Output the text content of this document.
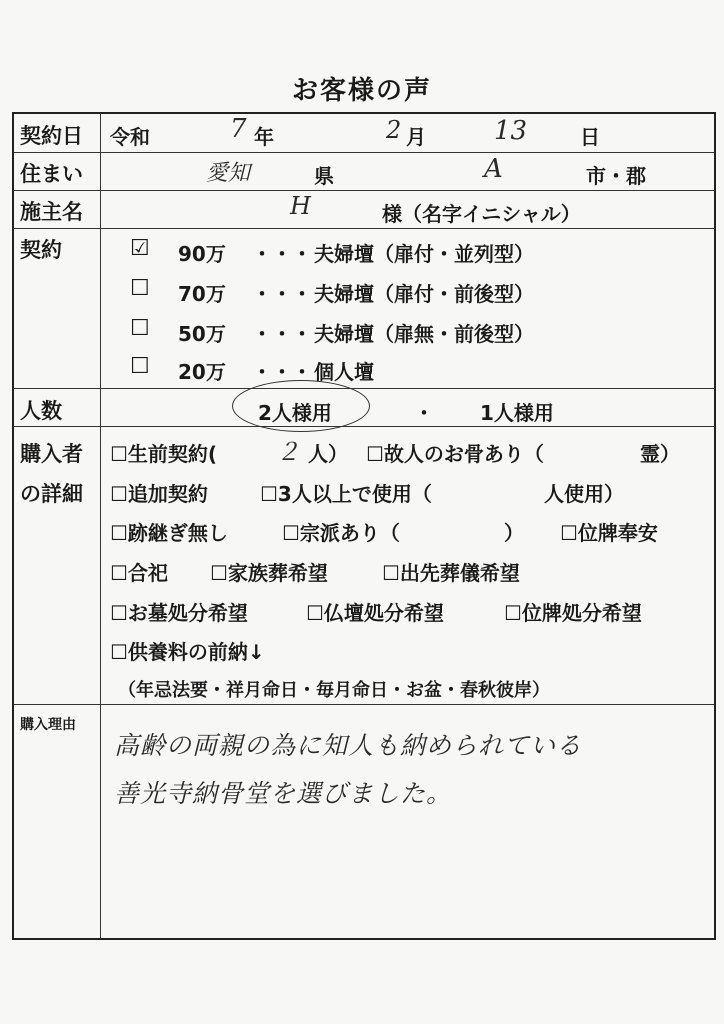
お客様の声
契約日 令和	7 年	2 月	13	日
住まい	愛知	県	A	市・郡
施主名	H	様（名字イニシャル）
契約	☑ 90万 ・・・ 夫婦壇（扉付・並列型）
☐ 70万 ・・・ 夫婦壇（扉付・前後型）
☐ 50万 ・・・ 夫婦壇（扉無・前後型）
☐ 20万 ・・・ 個人壇
人数	2人様用	・ 1人様用
購入者
の詳細
☐生前契約( ２ 人） ☐故人のお骨あり（	霊）
☐追加契約	☐3人以上で使用（	人使用）
☐跡継ぎ無し	☐宗派あり（	） ☐位牌奉安
☐合祀 ☐家族葬希望	☐出先葬儀希望
☐お墓処分希望	☐仏壇処分希望	☐位牌処分希望
☐供養料の前納↓
（年忌法要・祥月命日・毎月命日・お盆・春秋彼岸）
購入理由
高齢の両親の為に知人も納められている
善光寺納骨堂を選びました。
